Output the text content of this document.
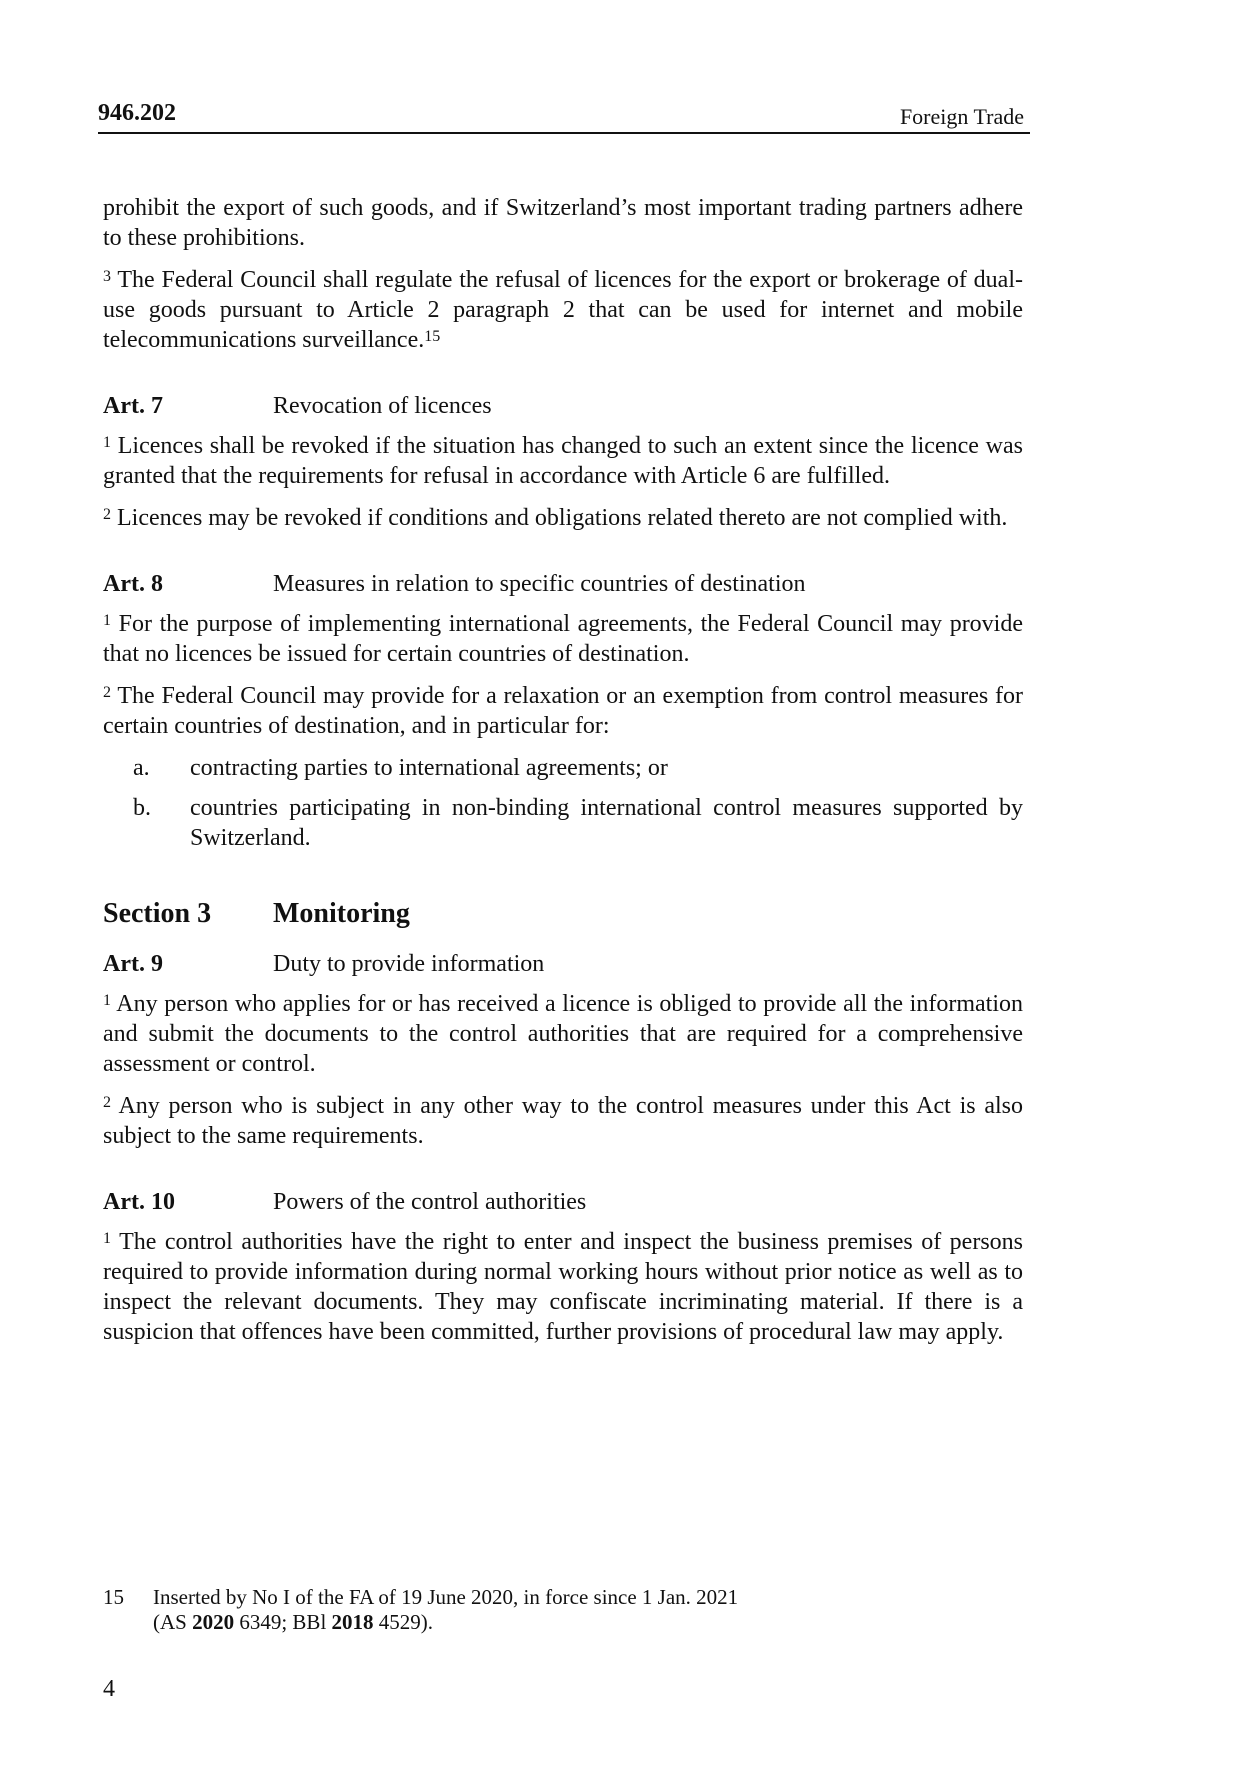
946.202	Foreign Trade

prohibit the export of such goods, and if Switzerland’s most important trading partners adhere to these prohibitions.

$^3$ The Federal Council shall regulate the refusal of licences for the export or brokerage of dual-use goods pursuant to Article 2 paragraph 2 that can be used for internet and mobile telecommunications surveillance.$^{15}$

Art. 7	Revocation of licences

$^1$ Licences shall be revoked if the situation has changed to such an extent since the licence was granted that the requirements for refusal in accordance with Article 6 are fulfilled.

$^2$ Licences may be revoked if conditions and obligations related thereto are not complied with.

Art. 8	Measures in relation to specific countries of destination

$^1$ For the purpose of implementing international agreements, the Federal Council may provide that no licences be issued for certain countries of destination.

$^2$ The Federal Council may provide for a relaxation or an exemption from control measures for certain countries of destination, and in particular for:

a.	contracting parties to international agreements; or
b.	countries participating in non-binding international control measures supported by Switzerland.
Section 3	Monitoring
Art. 9	Duty to provide information

$^1$ Any person who applies for or has received a licence is obliged to provide all the information and submit the documents to the control authorities that are required for a comprehensive assessment or control.

$^2$ Any person who is subject in any other way to the control measures under this Act is also subject to the same requirements.

Art. 10	Powers of the control authorities

$^1$ The control authorities have the right to enter and inspect the business premises of persons required to provide information during normal working hours without prior notice as well as to inspect the relevant documents. They may confiscate incriminating material. If there is a suspicion that offences have been committed, further provisions of procedural law may apply.

15	Inserted by No I of the FA of 19 June 2020, in force since 1 Jan. 2021
(AS 2020 6349; BBl 2018 4529).
4
